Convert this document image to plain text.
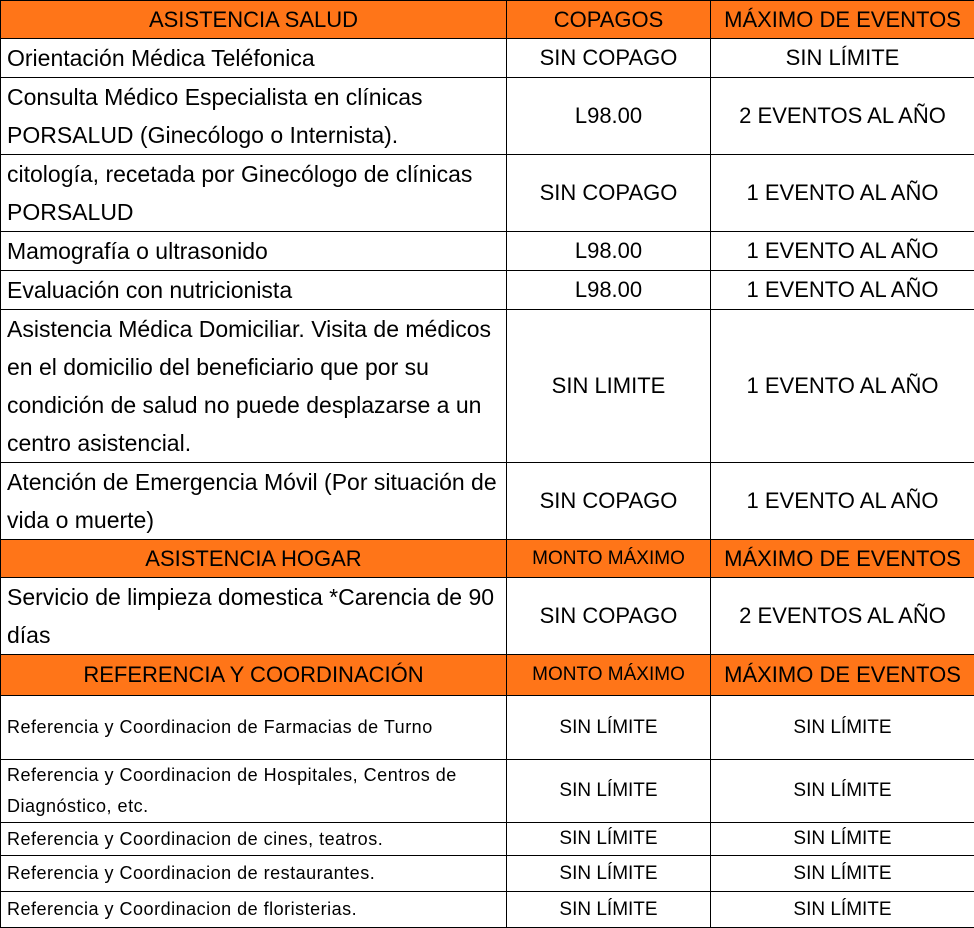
ASISTENCIA SALUD	COPAGOS	MÁXIMO DE EVENTOS
Orientación Médica Teléfonica	SIN COPAGO	SIN LÍMITE
Consulta Médico Especialista en clínicas PORSALUD (Ginecólogo o Internista).	L98.00	2 EVENTOS AL AÑO
citología, recetada por Ginecólogo de clínicas PORSALUD	SIN COPAGO	1 EVENTO AL AÑO
Mamografía o ultrasonido	L98.00	1 EVENTO AL AÑO
Evaluación con nutricionista	L98.00	1 EVENTO AL AÑO
Asistencia Médica Domiciliar. Visita de médicos en el domicilio del beneficiario que por su condición de salud no puede desplazarse a un centro asistencial.	SIN LIMITE	1 EVENTO AL AÑO
Atención de Emergencia Móvil (Por situación de vida o muerte)	SIN COPAGO	1 EVENTO AL AÑO
ASISTENCIA HOGAR	MONTO MÁXIMO	MÁXIMO DE EVENTOS
Servicio de limpieza domestica *Carencia de 90 días	SIN COPAGO	2 EVENTOS AL AÑO
REFERENCIA Y COORDINACIÓN	MONTO MÁXIMO	MÁXIMO DE EVENTOS
Referencia y Coordinacion de Farmacias de Turno	SIN LÍMITE	SIN LÍMITE
Referencia y Coordinacion de Hospitales, Centros de Diagnóstico, etc.	SIN LÍMITE	SIN LÍMITE
Referencia y Coordinacion de cines, teatros.	SIN LÍMITE	SIN LÍMITE
Referencia y Coordinacion de restaurantes.	SIN LÍMITE	SIN LÍMITE
Referencia y Coordinacion de floristerias.	SIN LÍMITE	SIN LÍMITE
